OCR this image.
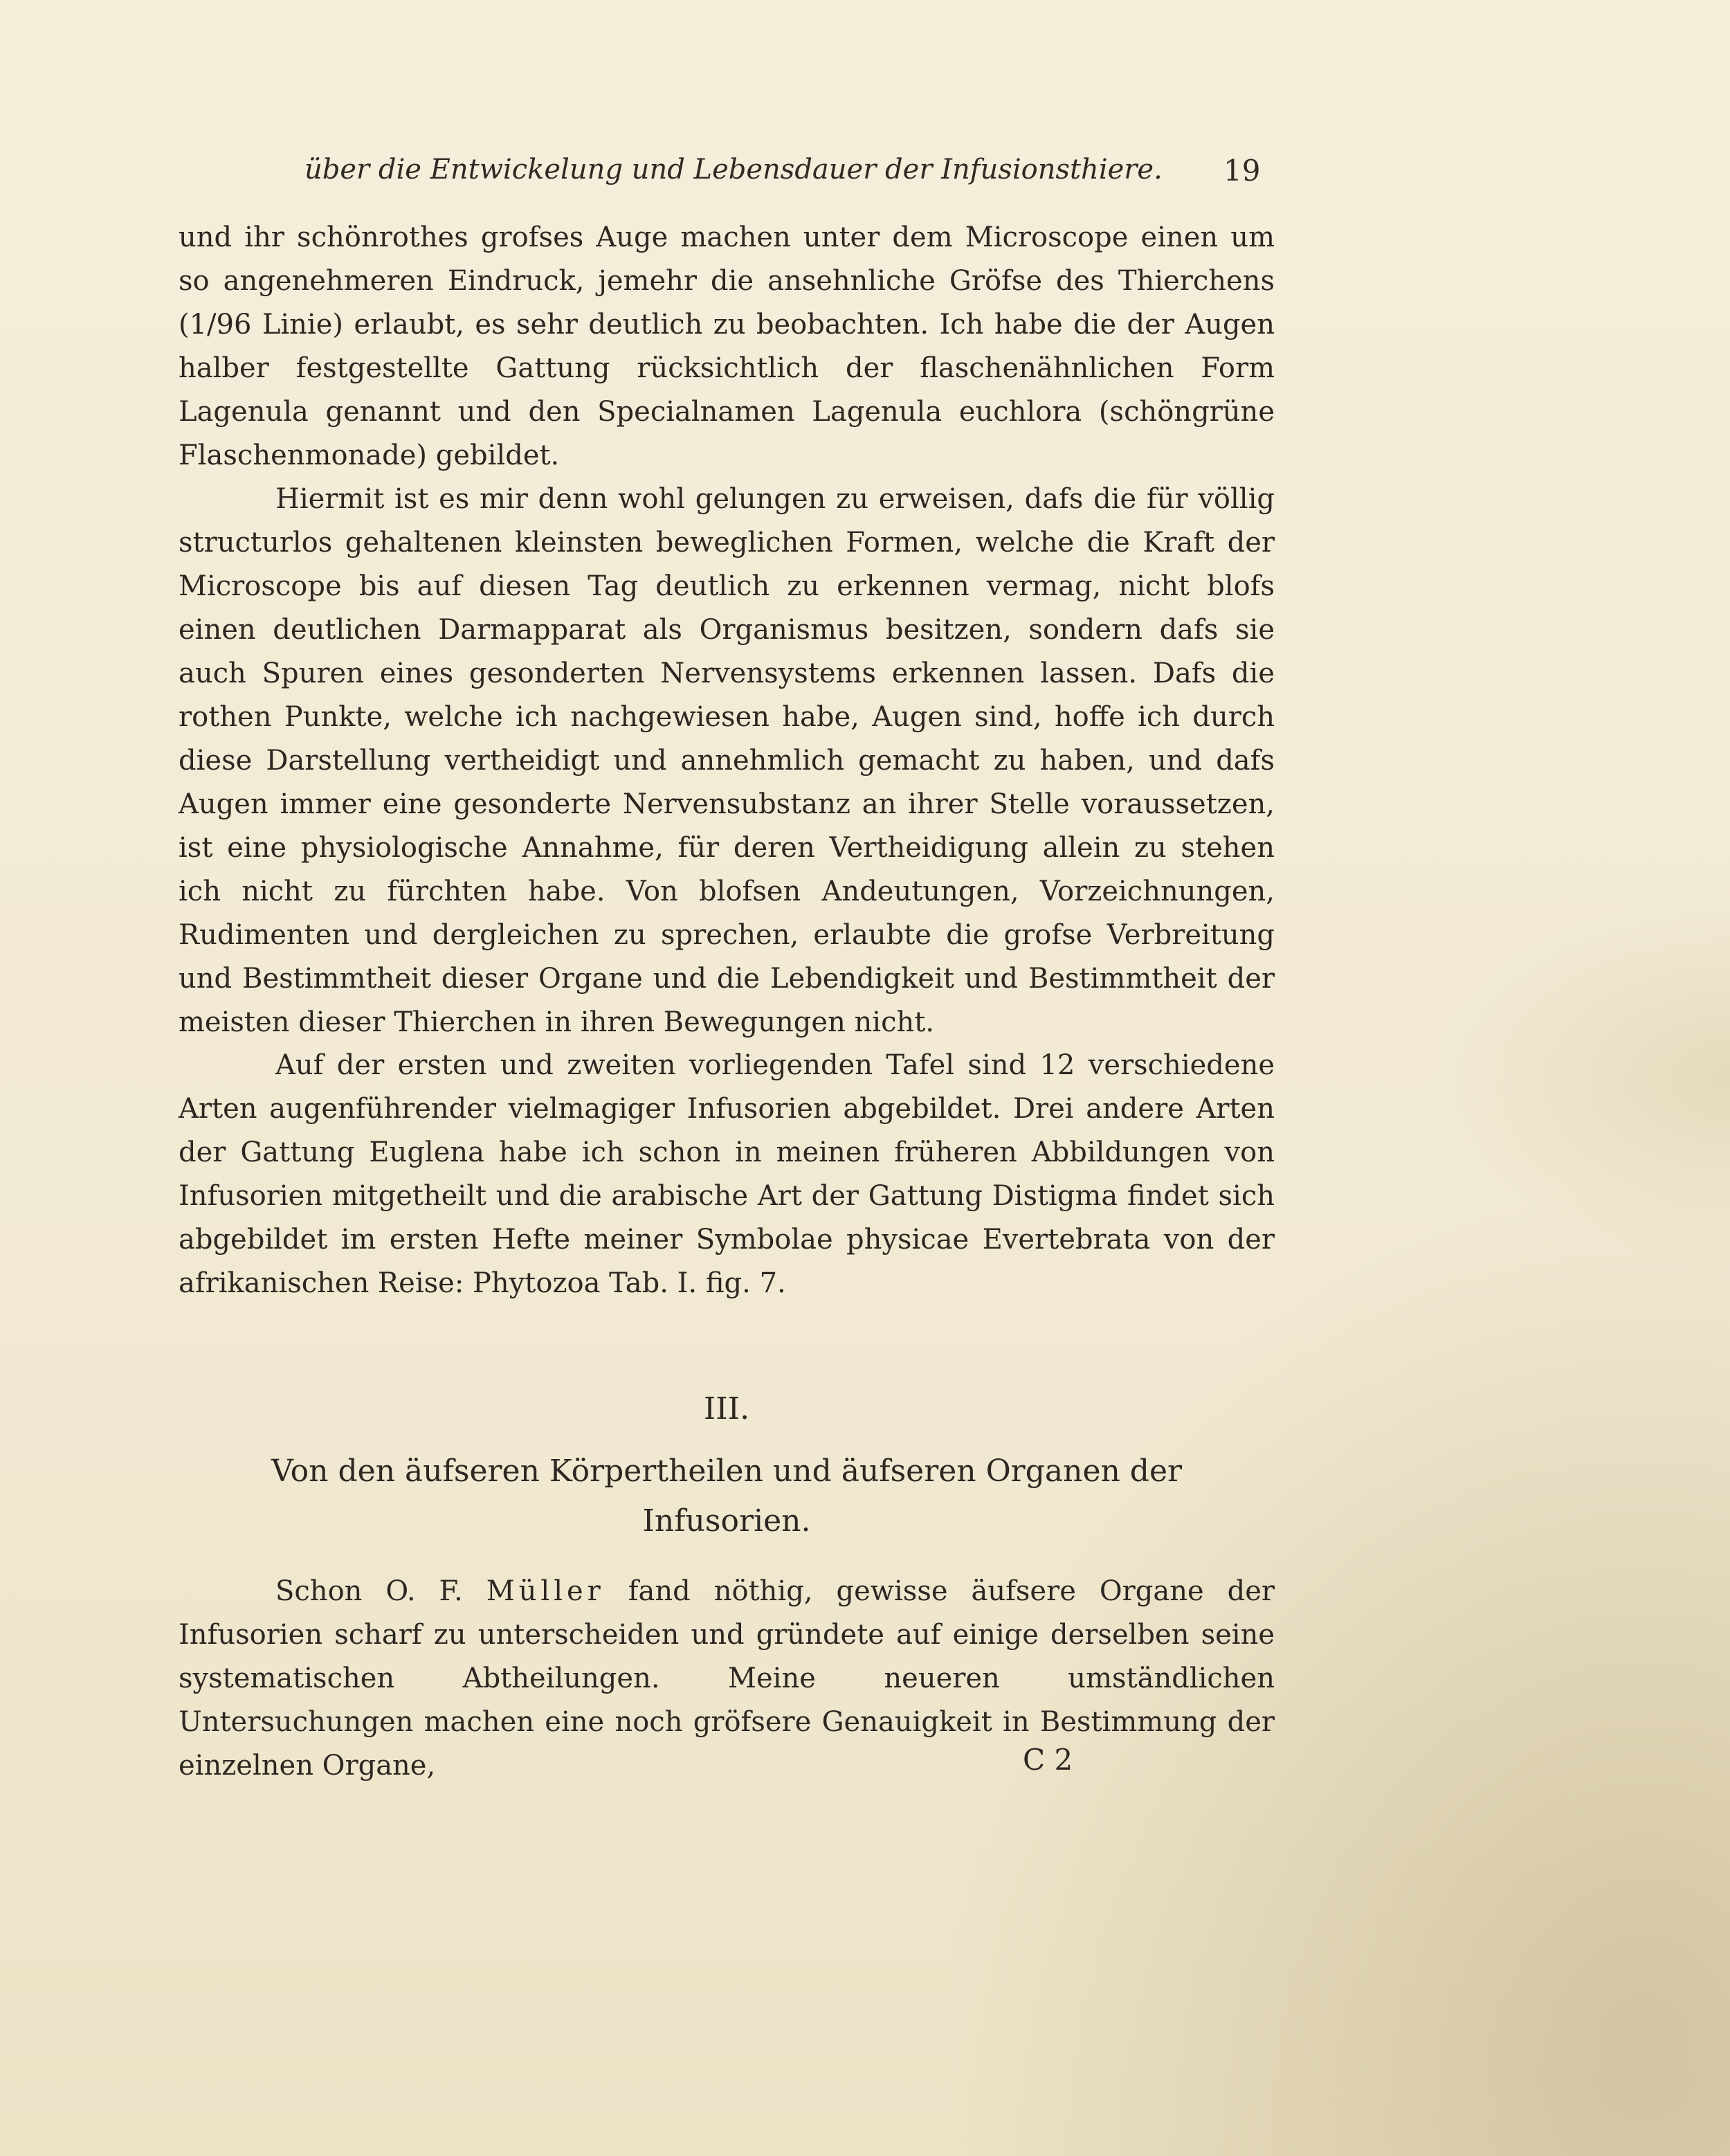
über die Entwickelung und Lebensdauer der Infusionsthiere.	19

und ihr schönrothes grofses Auge machen unter dem Microscope einen um so angenehmeren Eindruck, jemehr die ansehnliche Gröfse des Thierchens (1/96 Linie) erlaubt, es sehr deutlich zu beobachten. Ich habe die der Augen halber festgestellte Gattung rücksichtlich der flaschenähnlichen Form Lagenula genannt und den Specialnamen Lagenula euchlora (schöngrüne Flaschenmonade) gebildet.

Hiermit ist es mir denn wohl gelungen zu erweisen, dafs die für völlig structurlos gehaltenen kleinsten beweglichen Formen, welche die Kraft der Microscope bis auf diesen Tag deutlich zu erkennen vermag, nicht blofs einen deutlichen Darmapparat als Organismus besitzen, sondern dafs sie auch Spuren eines gesonderten Nervensystems erkennen lassen. Dafs die rothen Punkte, welche ich nachgewiesen habe, Augen sind, hoffe ich durch diese Darstellung vertheidigt und annehmlich gemacht zu haben, und dafs Augen immer eine gesonderte Nervensubstanz an ihrer Stelle voraussetzen, ist eine physiologische Annahme, für deren Vertheidigung allein zu stehen ich nicht zu fürchten habe. Von blofsen Andeutungen, Vorzeichnungen, Rudimenten und dergleichen zu sprechen, erlaubte die grofse Verbreitung und Bestimmtheit dieser Organe und die Lebendigkeit und Bestimmtheit der meisten dieser Thierchen in ihren Bewegungen nicht.

Auf der ersten und zweiten vorliegenden Tafel sind 12 verschiedene Arten augenführender vielmagiger Infusorien abgebildet. Drei andere Arten der Gattung Euglena habe ich schon in meinen früheren Abbildungen von Infusorien mitgetheilt und die arabische Art der Gattung Distigma findet sich abgebildet im ersten Hefte meiner Symbolae physicae Evertebrata von der afrikanischen Reise: Phytozoa Tab. I. fig. 7.

III.
Von den äufseren Körpertheilen und äufseren Organen der Infusorien.

Schon O. F. Müller fand nöthig, gewisse äufsere Organe der Infusorien scharf zu unterscheiden und gründete auf einige derselben seine systematischen Abtheilungen. Meine neueren umständlichen Untersuchungen machen eine noch gröfsere Genauigkeit in Bestimmung der einzelnen Organe,	C 2
